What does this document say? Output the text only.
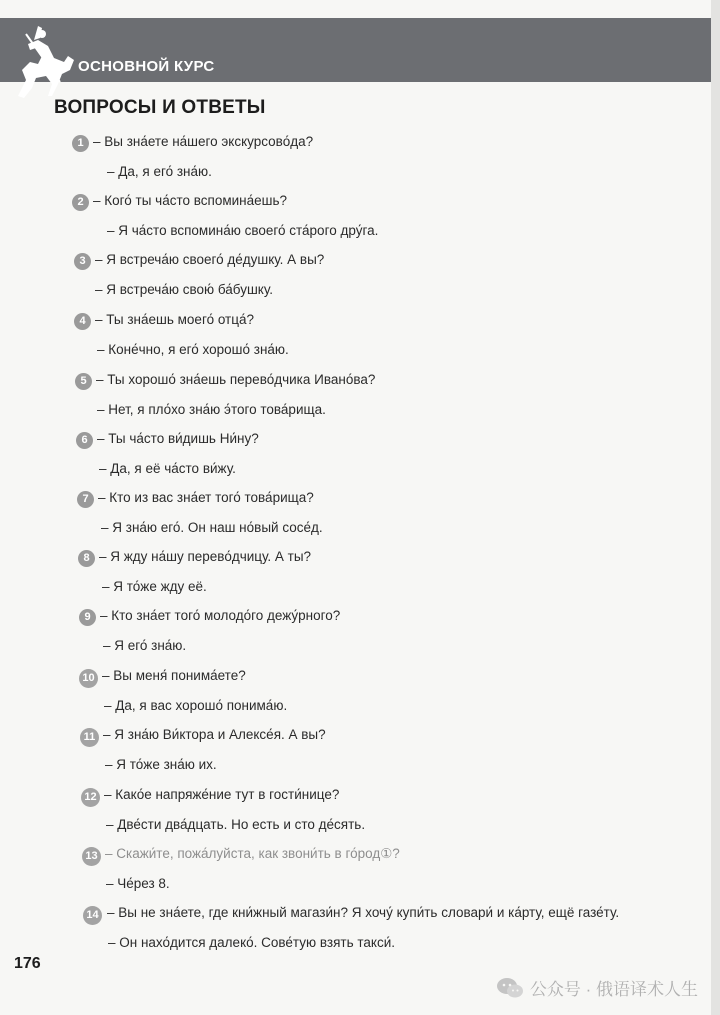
ОСНОВНОЙ КУРС
ВОПРОСЫ И ОТВЕТЫ
1 – Вы зна́ете на́шего экскурсово́да?
– Да, я его́ зна́ю.
2 – Кого́ ты ча́сто вспомина́ешь?
– Я ча́сто вспомина́ю своего́ ста́рого дру́га.
3 – Я встреча́ю своего́ де́душку. А вы?
– Я встреча́ю свою́ ба́бушку.
4 – Ты зна́ешь моего́ отца́?
– Коне́чно, я его́ хорошо́ зна́ю.
5 – Ты хорошо́ зна́ешь перево́дчика Ивано́ва?
– Нет, я пло́хо зна́ю э́того това́рища.
6 – Ты ча́сто ви́дишь Ни́ну?
– Да, я её ча́сто ви́жу.
7 – Кто из вас зна́ет того́ това́рища?
– Я зна́ю его́. Он наш но́вый сосе́д.
8 – Я жду на́шу перево́дчицу. А ты?
– Я то́же жду её.
9 – Кто зна́ет того́ молодо́го дежу́рного?
– Я его́ зна́ю.
10 – Вы меня́ понима́ете?
– Да, я вас хорошо́ понима́ю.
11 – Я зна́ю Ви́ктора и Алексе́я. А вы?
– Я то́же зна́ю их.
12 – Како́е напряже́ние тут в гости́нице?
– Две́сти два́дцать. Но есть и сто де́сять.
13 – Скажи́те, пожа́луйста, как звони́ть в го́род①?
– Че́рез 8.
14 – Вы не зна́ете, где кни́жный магази́н? Я хочу́ купи́ть словари́ и ка́рту, ещё газе́ту.
– Он нахо́дится далеко́. Сове́тую взять такси́.
176
公众号 · 俄语译术人生
